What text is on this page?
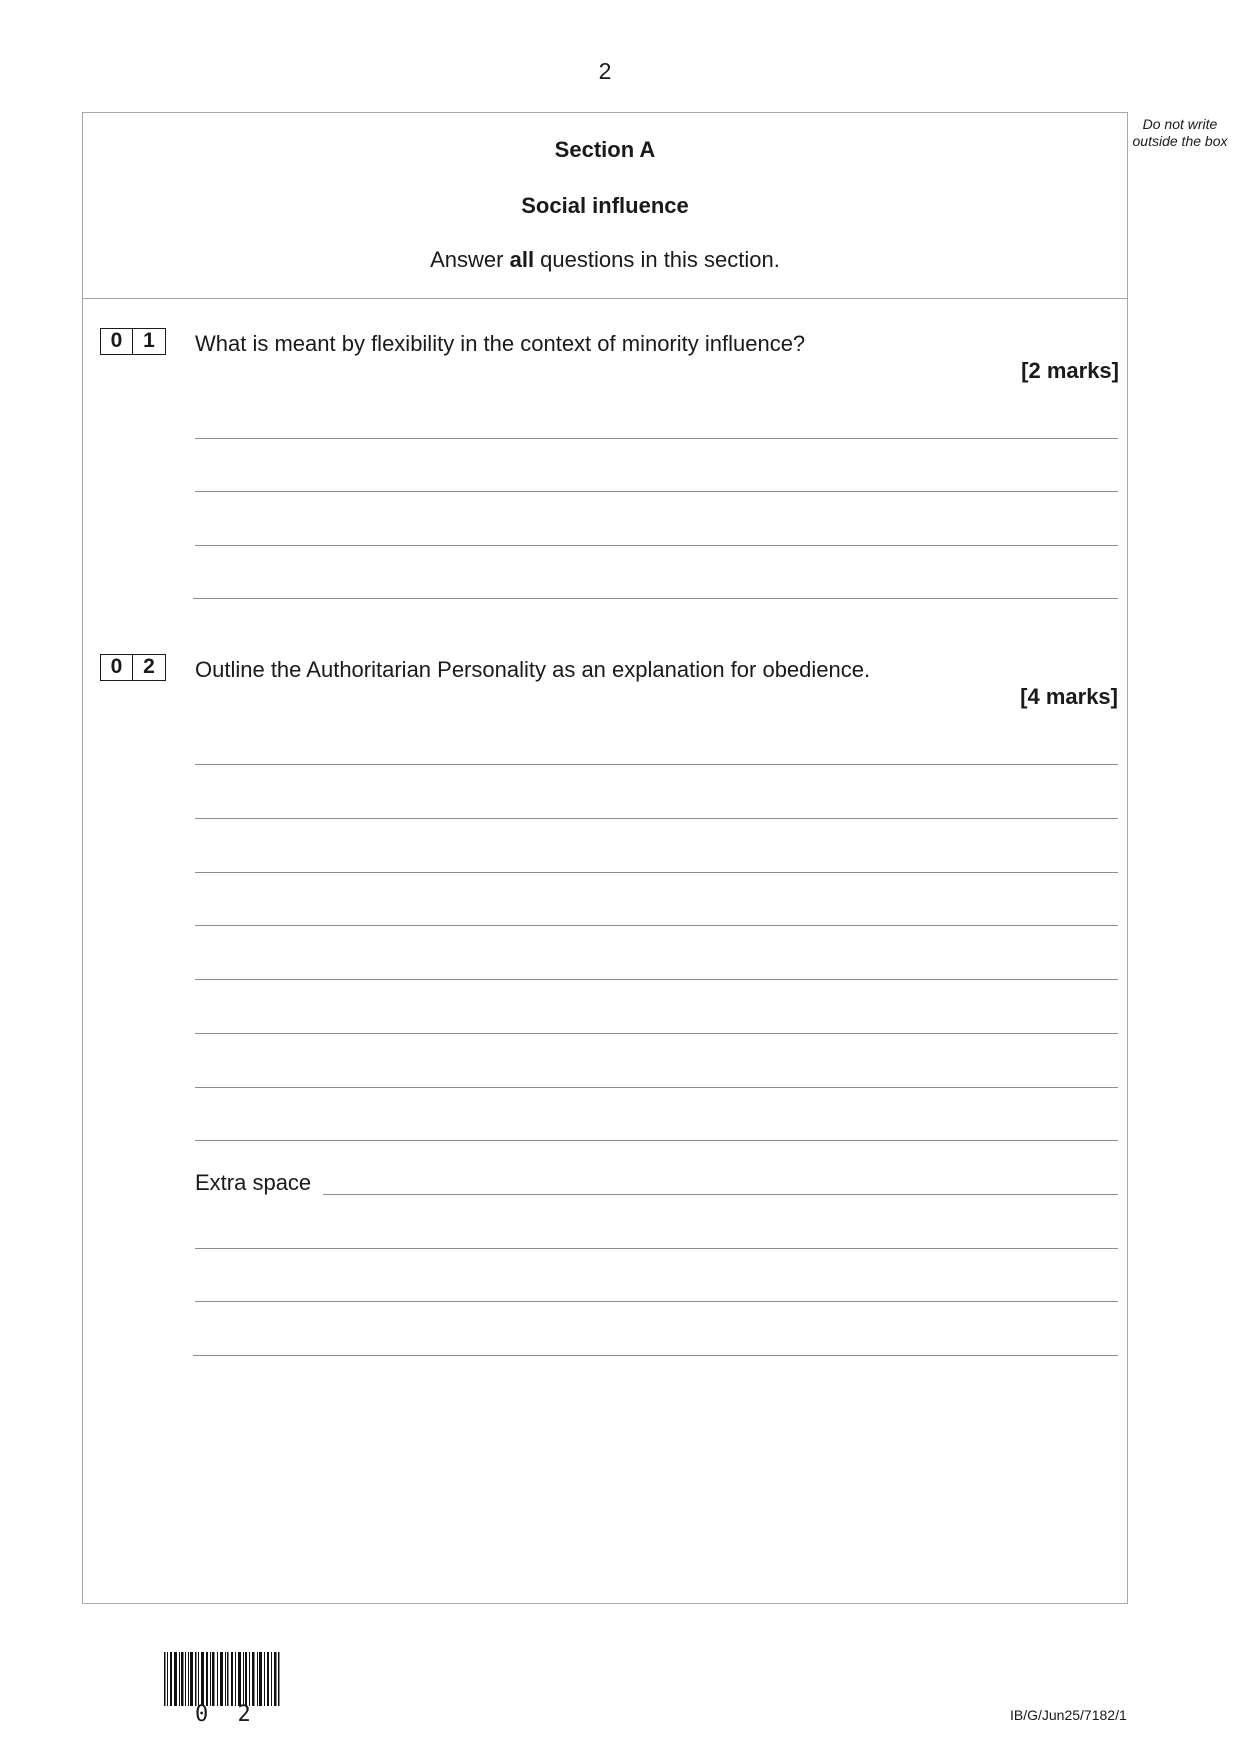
2
Do not write outside the box
Section A
Social influence
Answer all questions in this section.
0 1	What is meant by flexibility in the context of minority influence?
[2 marks]
0 2	Outline the Authoritarian Personality as an explanation for obedience.
[4 marks]
Extra space
0 2	IB/G/Jun25/7182/1
